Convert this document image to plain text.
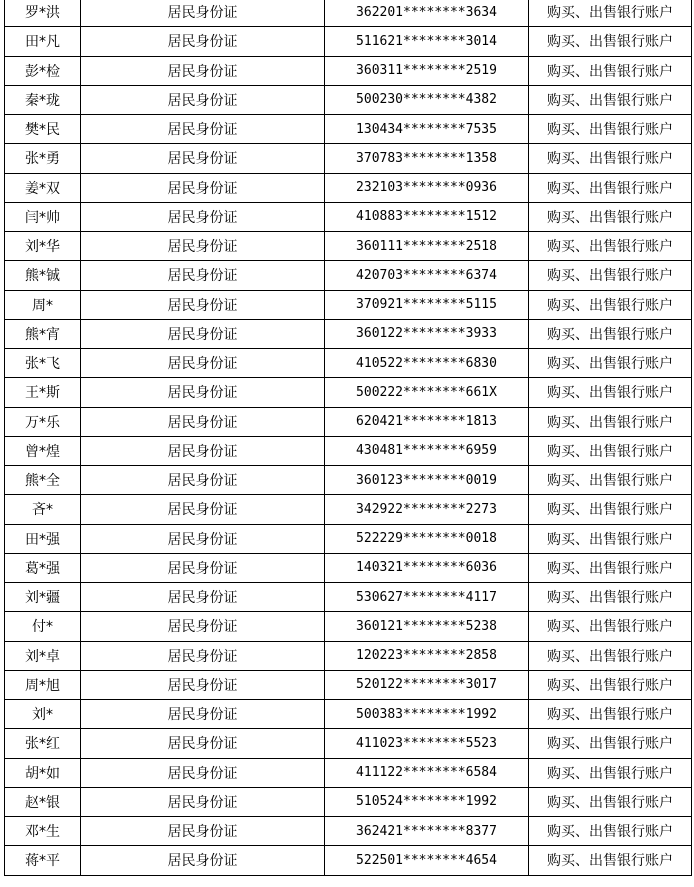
罗*洪	居民身份证	362201********3634	购买、出售银行账户
田*凡	居民身份证	511621********3014	购买、出售银行账户
彭*检	居民身份证	360311********2519	购买、出售银行账户
秦*珑	居民身份证	500230********4382	购买、出售银行账户
樊*民	居民身份证	130434********7535	购买、出售银行账户
张*勇	居民身份证	370783********1358	购买、出售银行账户
姜*双	居民身份证	232103********0936	购买、出售银行账户
闫*帅	居民身份证	410883********1512	购买、出售银行账户
刘*华	居民身份证	360111********2518	购买、出售银行账户
熊*铖	居民身份证	420703********6374	购买、出售银行账户
周*	居民身份证	370921********5115	购买、出售银行账户
熊*宵	居民身份证	360122********3933	购买、出售银行账户
张*飞	居民身份证	410522********6830	购买、出售银行账户
王*斯	居民身份证	500222********661X	购买、出售银行账户
万*乐	居民身份证	620421********1813	购买、出售银行账户
曾*煌	居民身份证	430481********6959	购买、出售银行账户
熊*全	居民身份证	360123********0019	购买、出售银行账户
吝*	居民身份证	342922********2273	购买、出售银行账户
田*强	居民身份证	522229********0018	购买、出售银行账户
葛*强	居民身份证	140321********6036	购买、出售银行账户
刘*疆	居民身份证	530627********4117	购买、出售银行账户
付*	居民身份证	360121********5238	购买、出售银行账户
刘*卓	居民身份证	120223********2858	购买、出售银行账户
周*旭	居民身份证	520122********3017	购买、出售银行账户
刘*	居民身份证	500383********1992	购买、出售银行账户
张*红	居民身份证	411023********5523	购买、出售银行账户
胡*如	居民身份证	411122********6584	购买、出售银行账户
赵*银	居民身份证	510524********1992	购买、出售银行账户
邓*生	居民身份证	362421********8377	购买、出售银行账户
蒋*平	居民身份证	522501********4654	购买、出售银行账户
